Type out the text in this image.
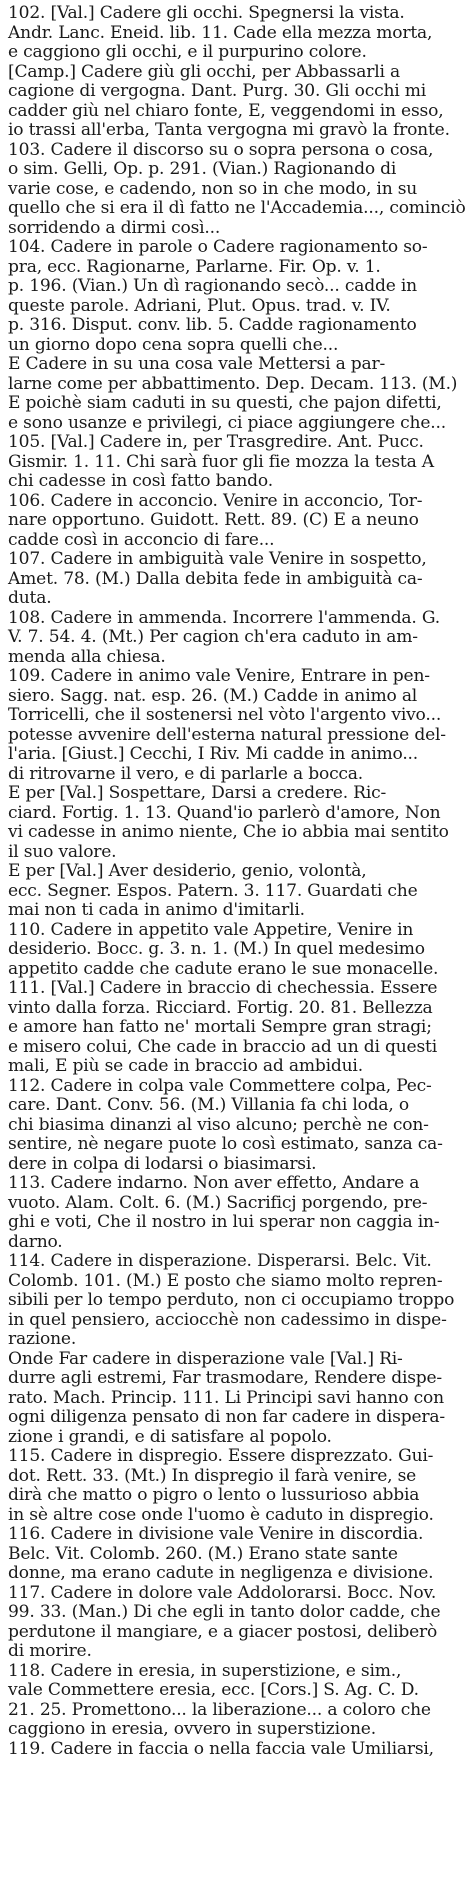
102. [Val.] Cadere gli occhi. Spegnersi la vista.
Andr. Lanc. Eneid. lib. 11. Cade ella mezza morta,
e caggiono gli occhi, e il purpurino colore.
[Camp.] Cadere giù gli occhi, per Abbassarli a
cagione di vergogna. Dant. Purg. 30. Gli occhi mi
cadder giù nel chiaro fonte, E, veggendomi in esso,
io trassi all'erba, Tanta vergogna mi gravò la fronte.
103. Cadere il discorso su o sopra persona o cosa,
o sim. Gelli, Op. p. 291. (Vian.) Ragionando di
varie cose, e cadendo, non so in che modo, in su
quello che si era il dì fatto ne l'Accademia..., cominciò
sorridendo a dirmi così...
104. Cadere in parole o Cadere ragionamento so-
pra, ecc. Ragionarne, Parlarne. Fir. Op. v. 1.
p. 196. (Vian.) Un dì ragionando secò... cadde in
queste parole. Adriani, Plut. Opus. trad. v. IV.
p. 316. Disput. conv. lib. 5. Cadde ragionamento
un giorno dopo cena sopra quelli che...
E Cadere in su una cosa vale Mettersi a par-
larne come per abbattimento. Dep. Decam. 113. (M.)
E poichè siam caduti in su questi, che pajon difetti,
e sono usanze e privilegi, ci piace aggiungere che...
105. [Val.] Cadere in, per Trasgredire. Ant. Pucc.
Gismir. 1. 11. Chi sarà fuor gli fie mozza la testa A
chi cadesse in così fatto bando.
106. Cadere in acconcio. Venire in acconcio, Tor-
nare opportuno. Guidott. Rett. 89. (C) E a neuno
cadde così in acconcio di fare...
107. Cadere in ambiguità vale Venire in sospetto,
Amet. 78. (M.) Dalla debita fede in ambiguità ca-
duta.
108. Cadere in ammenda. Incorrere l'ammenda. G.
V. 7. 54. 4. (Mt.) Per cagion ch'era caduto in am-
menda alla chiesa.
109. Cadere in animo vale Venire, Entrare in pen-
siero. Sagg. nat. esp. 26. (M.) Cadde in animo al
Torricelli, che il sostenersi nel vòto l'argento vivo...
potesse avvenire dell'esterna natural pressione del-
l'aria. [Giust.] Cecchi, I Riv. Mi cadde in animo...
di ritrovarne il vero, e di parlarle a bocca.
E per [Val.] Sospettare, Darsi a credere. Ric-
ciard. Fortig. 1. 13. Quand'io parlerò d'amore, Non
vi cadesse in animo niente, Che io abbia mai sentito
il suo valore.
E per [Val.] Aver desiderio, genio, volontà,
ecc. Segner. Espos. Patern. 3. 117. Guardati che
mai non ti cada in animo d'imitarli.
110. Cadere in appetito vale Appetire, Venire in
desiderio. Bocc. g. 3. n. 1. (M.) In quel medesimo
appetito cadde che cadute erano le sue monacelle.
111. [Val.] Cadere in braccio di chechessia. Essere
vinto dalla forza. Ricciard. Fortig. 20. 81. Bellezza
e amore han fatto ne' mortali Sempre gran stragi;
e misero colui, Che cade in braccio ad un di questi
mali, E più se cade in braccio ad ambidui.
112. Cadere in colpa vale Commettere colpa, Pec-
care. Dant. Conv. 56. (M.) Villania fa chi loda, o
chi biasima dinanzi al viso alcuno; perchè ne con-
sentire, nè negare puote lo così estimato, sanza ca-
dere in colpa di lodarsi o biasimarsi.
113. Cadere indarno. Non aver effetto, Andare a
vuoto. Alam. Colt. 6. (M.) Sacrificj porgendo, pre-
ghi e voti, Che il nostro in lui sperar non caggia in-
darno.
114. Cadere in disperazione. Disperarsi. Belc. Vit.
Colomb. 101. (M.) E posto che siamo molto repren-
sibili per lo tempo perduto, non ci occupiamo troppo
in quel pensiero, acciocchè non cadessimo in dispe-
razione.
Onde Far cadere in disperazione vale [Val.] Ri-
durre agli estremi, Far trasmodare, Rendere dispe-
rato. Mach. Princip. 111. Li Principi savi hanno con
ogni diligenza pensato di non far cadere in dispera-
zione i grandi, e di satisfare al popolo.
115. Cadere in dispregio. Essere disprezzato. Gui-
dot. Rett. 33. (Mt.) In dispregio il farà venire, se
dirà che matto o pigro o lento o lussurioso abbia
in sè altre cose onde l'uomo è caduto in dispregio.
116. Cadere in divisione vale Venire in discordia.
Belc. Vit. Colomb. 260. (M.) Erano state sante
donne, ma erano cadute in negligenza e divisione.
117. Cadere in dolore vale Addolorarsi. Bocc. Nov.
99. 33. (Man.) Di che egli in tanto dolor cadde, che
perdutone il mangiare, e a giacer postosi, deliberò
di morire.
118. Cadere in eresia, in superstizione, e sim.,
vale Commettere eresia, ecc. [Cors.] S. Ag. C. D.
21. 25. Promettono... la liberazione... a coloro che
caggiono in eresia, ovvero in superstizione.
119. Cadere in faccia o nella faccia vale Umiliarsi,
